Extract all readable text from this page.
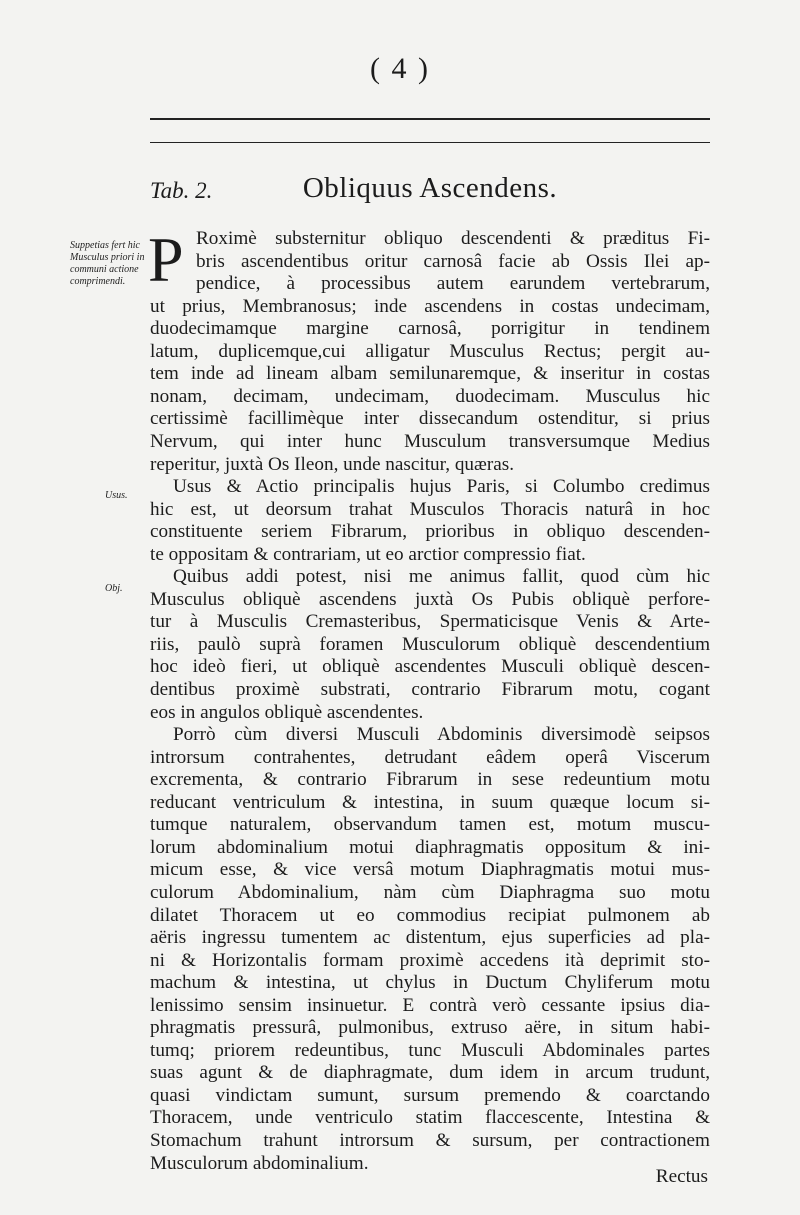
( 4 )
Obliquus Ascendens.
Tab. 2.
Suppetias fert hic Musculus priori in communi actione comprimendi.
Usus.
Obj.
P Roximè substernitur obliquo descendenti & præditus Fi-
bris ascendentibus oritur carnosâ facie ab Ossis Ilei ap-
pendice, à processibus autem earundem vertebrarum,
ut prius, Membranosus; inde ascendens in costas undecimam,
duodecimamque margine carnosâ, porrigitur in tendinem
latum, duplicemque,cui alligatur Musculus Rectus; pergit au-
tem inde ad lineam albam semilunaremque, & inseritur in costas
nonam, decimam, undecimam, duodecimam. Musculus hic
certissimè facillimèque inter dissecandum ostenditur, si prius
Nervum, qui inter hunc Musculum transversumque Medius
reperitur, juxtà Os Ileon, unde nascitur, quæras.
Usus & Actio principalis hujus Paris, si Columbo credimus
hic est, ut deorsum trahat Musculos Thoracis naturâ in hoc
constituente seriem Fibrarum, prioribus in obliquo descenden-
te oppositam & contrariam, ut eo arctior compressio fiat.
Quibus addi potest, nisi me animus fallit, quod cùm hic
Musculus obliquè ascendens juxtà Os Pubis obliquè perfore-
tur à Musculis Cremasteribus, Spermaticisque Venis & Arte-
riis, paulò suprà foramen Musculorum obliquè descendentium
hoc ideò fieri, ut obliquè ascendentes Musculi obliquè descen-
dentibus proximè substrati, contrario Fibrarum motu, cogant
eos in angulos obliquè ascendentes.
Porrò cùm diversi Musculi Abdominis diversimodè seipsos
introrsum contrahentes, detrudant eâdem operâ Viscerum
excrementa, & contrario Fibrarum in sese redeuntium motu
reducant ventriculum & intestina, in suum quæque locum si-
tumque naturalem, observandum tamen est, motum muscu-
lorum abdominalium motui diaphragmatis oppositum & ini-
micum esse, & vice versâ motum Diaphragmatis motui mus-
culorum Abdominalium, nàm cùm Diaphragma suo motu
dilatet Thoracem ut eo commodius recipiat pulmonem ab
aëris ingressu tumentem ac distentum, ejus superficies ad pla-
ni & Horizontalis formam proximè accedens ità deprimit sto-
machum & intestina, ut chylus in Ductum Chyliferum motu
lenissimo sensim insinuetur. E contrà verò cessante ipsius dia-
phragmatis pressurâ, pulmonibus, extruso aëre, in situm habi-
tumq; priorem redeuntibus, tunc Musculi Abdominales partes
suas agunt & de diaphragmate, dum idem in arcum trudunt,
quasi vindictam sumunt, sursum premendo & coarctando
Thoracem, unde ventriculo statim flaccescente, Intestina &
Stomachum trahunt introrsum & sursum, per contractionem
Musculorum abdominalium.
Rectus
